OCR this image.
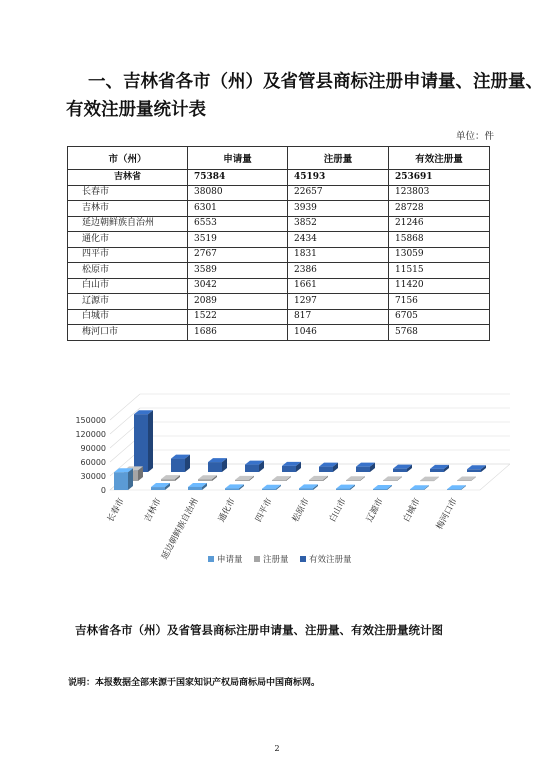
一、吉林省各市（州）及省管县商标注册申请量、注册量、
有效注册量统计表
单位：件
市（州）	申请量	注册量	有效注册量
吉林省	75384	45193	253691
长春市	38080	22657	123803
吉林市	6301	3939	28728
延边朝鲜族自治州	6553	3852	21246
通化市	3519	2434	15868
四平市	2767	1831	13059
松原市	3589	2386	11515
白山市	3042	1661	11420
辽源市	2089	1297	7156
白城市	1522	817	6705
梅河口市	1686	1046	5768
0
30000
60000
90000
120000
150000
长春市 吉林市
延边朝鲜族自治州 通化市 四平市 松原市 白山市 辽源市 白城市 梅河口市
申请量 注册量 有效注册量
吉林省各市（州）及省管县商标注册申请量、注册量、有效注册量统计图
说明：本报数据全部来源于国家知识产权局商标局中国商标网。
2
